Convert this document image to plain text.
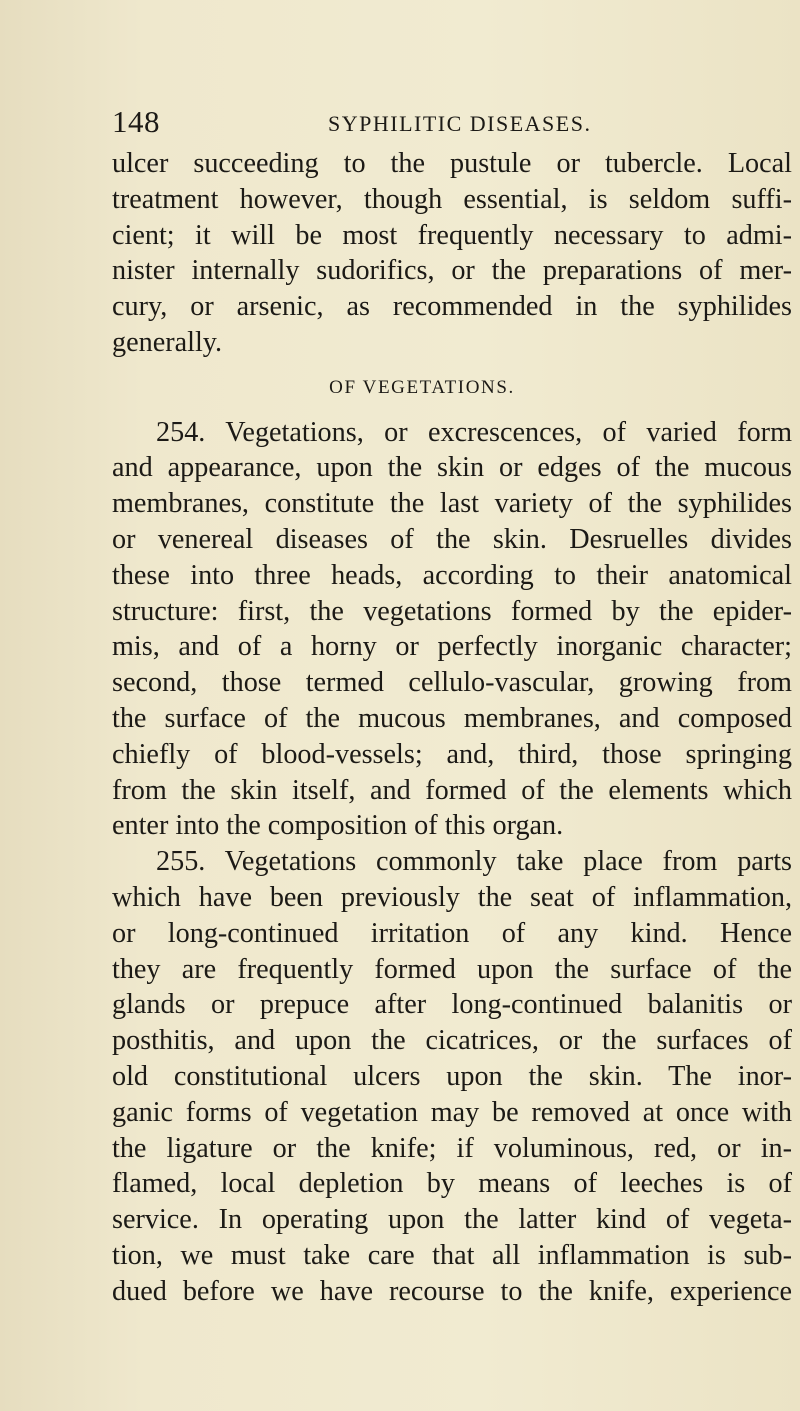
148	SYPHILITIC DISEASES.
ulcer succeeding to the pustule or tubercle. Local
treatment however, though essential, is seldom suffi-
cient; it will be most frequently necessary to admi-
nister internally sudorifics, or the preparations of mer-
cury, or arsenic, as recommended in the syphilides
generally.
OF VEGETATIONS.
254. Vegetations, or excrescences, of varied form
and appearance, upon the skin or edges of the mucous
membranes, constitute the last variety of the syphilides
or venereal diseases of the skin. Desruelles divides
these into three heads, according to their anatomical
structure: first, the vegetations formed by the epider-
mis, and of a horny or perfectly inorganic character;
second, those termed cellulo-vascular, growing from
the surface of the mucous membranes, and composed
chiefly of blood-vessels; and, third, those springing
from the skin itself, and formed of the elements which
enter into the composition of this organ.
255. Vegetations commonly take place from parts
which have been previously the seat of inflammation,
or long-continued irritation of any kind. Hence
they are frequently formed upon the surface of the
glands or prepuce after long-continued balanitis or
posthitis, and upon the cicatrices, or the surfaces of
old constitutional ulcers upon the skin. The inor-
ganic forms of vegetation may be removed at once with
the ligature or the knife; if voluminous, red, or in-
flamed, local depletion by means of leeches is of
service. In operating upon the latter kind of vegeta-
tion, we must take care that all inflammation is sub-
dued before we have recourse to the knife, experience
